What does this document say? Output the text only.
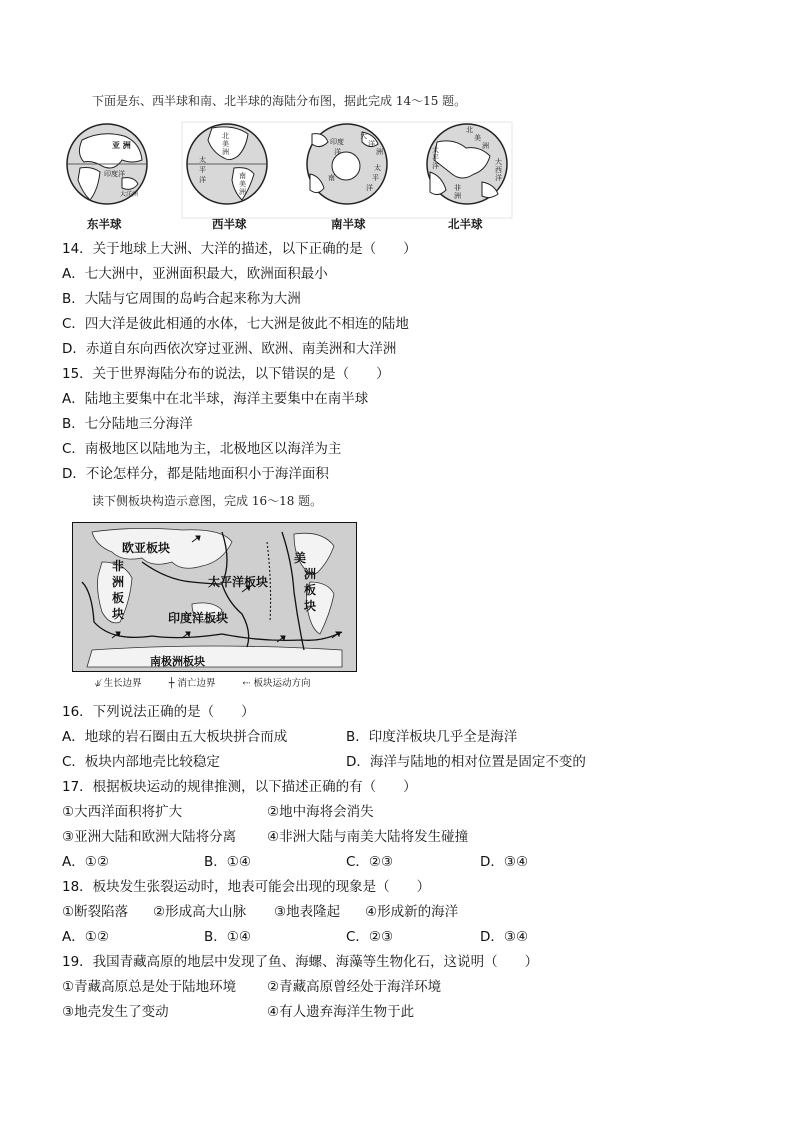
下面是东、西半球和南、北半球的海陆分布图，据此完成 14～15 题。
亚 洲
印度洋
大洋洲
北
美
洲
太
平
洋	南
美
洲
印度
洋
大
洋
洲
太
平
洋
南
北
美
洲
太
平
洋	大
西
洋
非
洲
东半球	西半球	南半球	北半球
14．关于地球上大洲、大洋的描述，以下正确的是（　　）
A．七大洲中，亚洲面积最大，欧洲面积最小
B．大陆与它周围的岛屿合起来称为大洲
C．四大洋是彼此相通的水体，七大洲是彼此不相连的陆地
D．赤道自东向西依次穿过亚洲、欧洲、南美洲和大洋洲
15．关于世界海陆分布的说法，以下错误的是（　　）
A．陆地主要集中在北半球，海洋主要集中在南半球
B．七分陆地三分海洋
C．南极地区以陆地为主，北极地区以海洋为主
D．不论怎样分，都是陆地面积小于海洋面积
读下侧板块构造示意图，完成 16～18 题。
欧亚板块
非
洲
板
块
太平洋板块
印度洋板块
美
洲
板
块
南极洲板块
⫝̸ 生长边界	┼ 消亡边界	⇠ 板块运动方向
16．下列说法正确的是（　　）
A．地球的岩石圈由五大板块拼合而成	B．印度洋板块几乎全是海洋
C．板块内部地壳比较稳定	D．海洋与陆地的相对位置是固定不变的
17．根据板块运动的规律推测，以下描述正确的有（　　）
①大西洋面积将扩大	②地中海将会消失
③亚洲大陆和欧洲大陆将分离 ④非洲大陆与南美大陆将发生碰撞
A．①②	B．①④	C．②③	D．③④
18．板块发生张裂运动时，地表可能会出现的现象是（　　）
①断裂陷落 ②形成高大山脉 ③地表隆起 ④形成新的海洋
A．①②	B．①④	C．②③	D．③④
19．我国青藏高原的地层中发现了鱼、海螺、海藻等生物化石，这说明（　　）
①青藏高原总是处于陆地环境 ②青藏高原曾经处于海洋环境
③地壳发生了变动	④有人遗弃海洋生物于此
